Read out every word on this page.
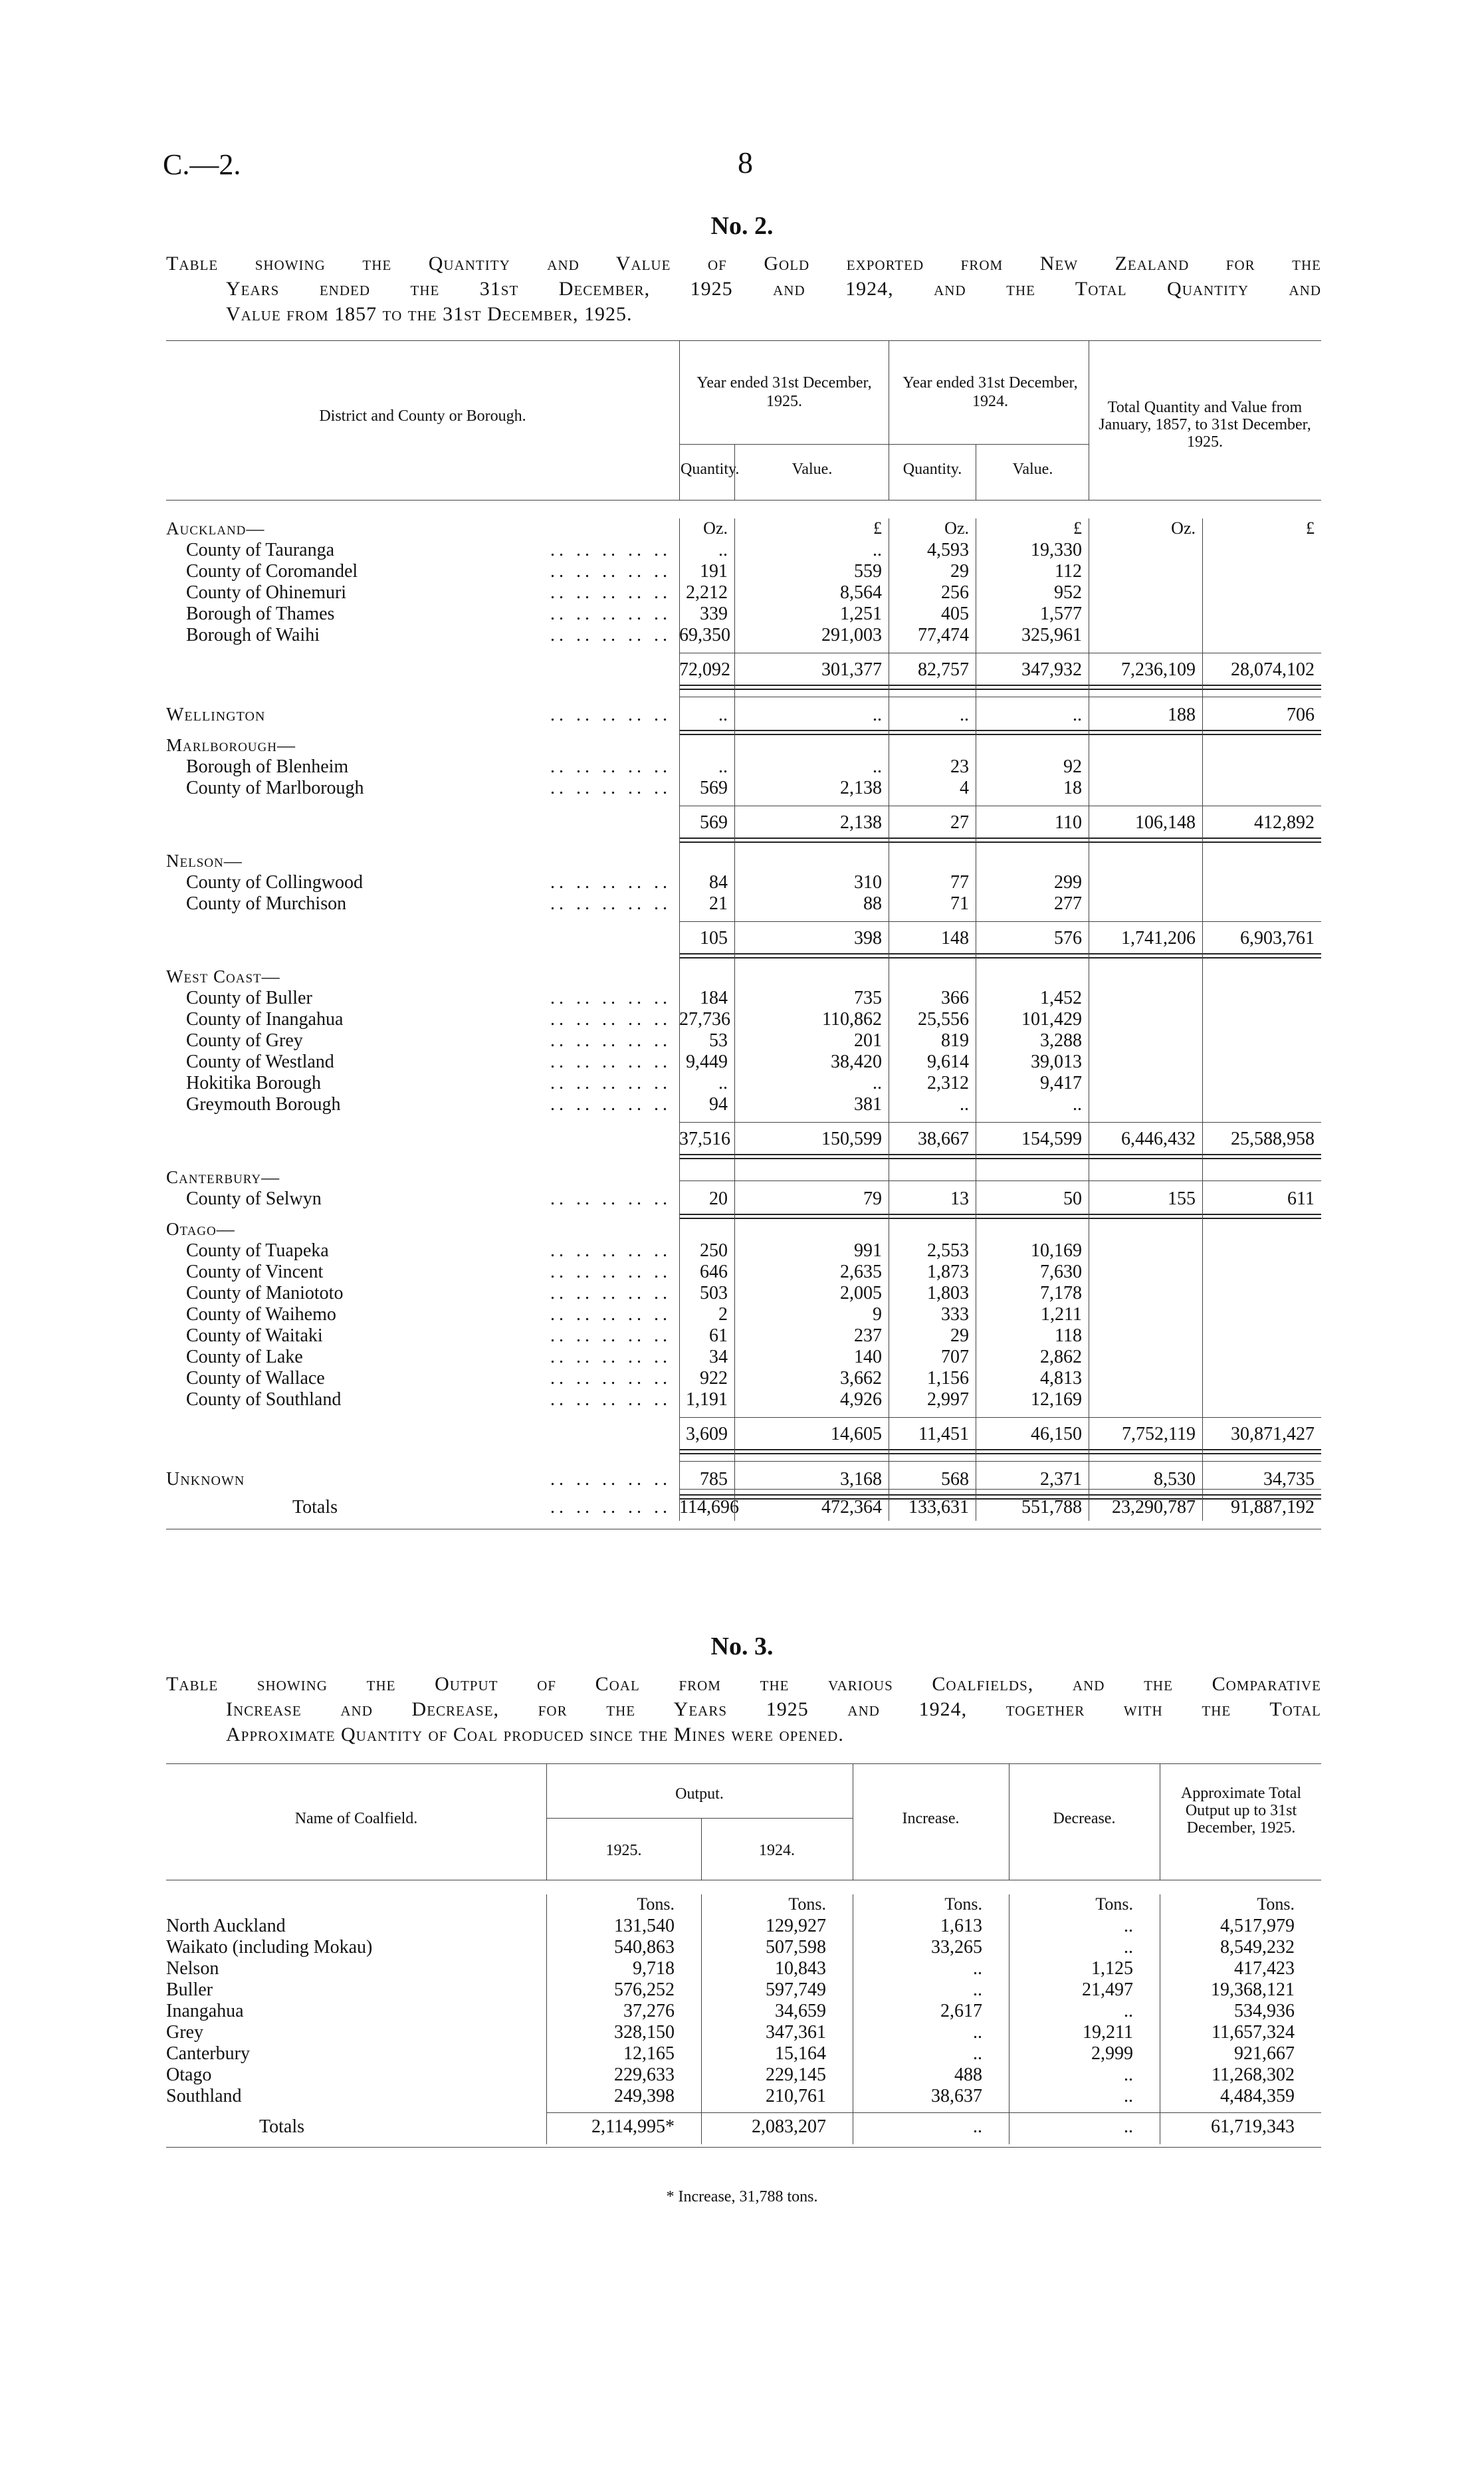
C.—2.	8
No. 2.
Table showing the Quantity and Value of Gold exported from New Zealand for the
Years ended the 31st December, 1925 and 1924, and the Total Quantity and
Value from 1857 to the 31st December, 1925.
District and County or Borough.
Year ended 31st December, 1925.
Year ended 31st December, 1924.	Total Quantity and Value from January, 1857, to 31st December, 1925.
Quantity.	Value.	Quantity.	Value.
Oz.	£	Oz.	£	Oz.	£
Auckland—
County of Tauranga	.. .. .. .. ..	..	..	4,593	19,330
County of Coromandel	.. .. .. .. ..	191	559	29	112
County of Ohinemuri	.. .. .. .. .. 2,212	8,564	256	952
Borough of Thames	.. .. .. .. ..	339	1,251	405	1,577
Borough of Waihi	.. .. .. .. .. 69,350	291,003	77,474	325,961
72,092	301,377	82,757	347,932	7,236,109	28,074,102
Wellington	.. .. .. .. ..	..	..	..	..	188	706
Marlborough—
Borough of Blenheim	.. .. .. .. ..	..	..	23	92
County of Marlborough	.. .. .. .. ..	569	2,138	4	18
569	2,138	27	110	106,148	412,892
Nelson—
County of Collingwood	.. .. .. .. ..	84	310	77	299
County of Murchison	.. .. .. .. ..	21	88	71	277
105	398	148	576	1,741,206	6,903,761
West Coast—
County of Buller	.. .. .. .. ..	184	735	366	1,452
County of Inangahua	.. .. .. .. .. 27,736	110,862	25,556	101,429
County of Grey	.. .. .. .. ..	53	201	819	3,288
County of Westland	.. .. .. .. .. 9,449	38,420	9,614	39,013
Hokitika Borough	.. .. .. .. ..	..	..	2,312	9,417
Greymouth Borough	.. .. .. .. ..	94	381	..	..
37,516	150,599	38,667	154,599	6,446,432	25,588,958
Canterbury—
County of Selwyn	.. .. .. .. ..	20	79	13	50	155	611
Otago—
County of Tuapeka	.. .. .. .. ..	250	991	2,553	10,169
County of Vincent	.. .. .. .. ..	646	2,635	1,873	7,630
County of Maniototo	.. .. .. .. ..	503	2,005	1,803	7,178
County of Waihemo	.. .. .. .. ..	2	9	333	1,211
County of Waitaki	.. .. .. .. ..	61	237	29	118
County of Lake	.. .. .. .. ..	34	140	707	2,862
County of Wallace	.. .. .. .. ..	922	3,662	1,156	4,813
County of Southland	.. .. .. .. .. 1,191	4,926	2,997	12,169
3,609	14,605	11,451	46,150	7,752,119	30,871,427
Unknown	.. .. .. .. ..	785	3,168	568	2,371	8,530	34,735
Totals	.. .. .. .. .. 114,696	472,364	133,631	551,788	23,290,787	91,887,192
No. 3.
Table showing the Output of Coal from the various Coalfields, and the Comparative
Increase and Decrease, for the Years 1925 and 1924, together with the Total
Approximate Quantity of Coal produced since the Mines were opened.
Name of Coalfield.
Output.
1925.	1924.
Increase.	Decrease.
Approximate Total Output up to 31st December, 1925.
Tons.	Tons.	Tons.	Tons.	Tons.
North Auckland	131,540	129,927	1,613	..	4,517,979
Waikato (including Mokau)	540,863	507,598	33,265	..	8,549,232
Nelson	9,718	10,843	..	1,125	417,423
Buller	576,252	597,749	..	21,497	19,368,121
Inangahua	37,276	34,659	2,617	..	534,936
Grey	328,150	347,361	..	19,211	11,657,324
Canterbury	12,165	15,164	..	2,999	921,667
Otago	229,633	229,145	488	..	11,268,302
Southland	249,398	210,761	38,637	..	4,484,359
Totals	2,114,995*	2,083,207	..	..	61,719,343
* Increase, 31,788 tons.
